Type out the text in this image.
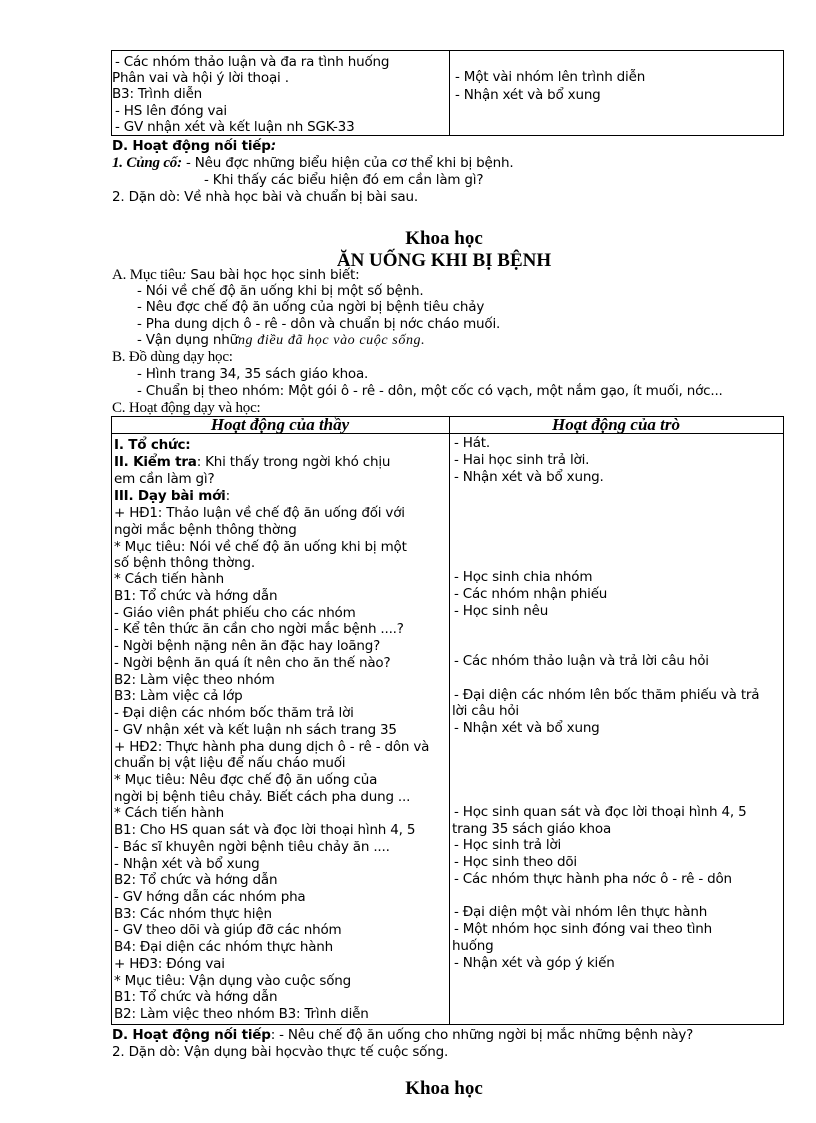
- Các nhóm thảo luận và đa ra tình huống
Phân vai và hội ý lời thoại .
B3: Trình diễn
- HS lên đóng vai
- GV nhận xét và kết luận nh SGK-33
- Một vài nhóm lên trình diễn
- Nhận xét và bổ xung
D. Hoạt động nối tiếp:
1. Củng cố: - Nêu đợc những biểu hiện của cơ thể khi bị bệnh.
- Khi thấy các biểu hiện đó em cần làm gì?
2. Dặn dò: Về nhà học bài và chuẩn bị bài sau.
Khoa học
ĂN UỐNG KHI BỊ BỆNH
A. Mục tiêu: Sau bài học học sinh biết:
- Nói về chế độ ăn uống khi bị một số bệnh.
- Nêu đợc chế độ ăn uống của ngời bị bệnh tiêu chảy
- Pha dung dịch ô - rê - dôn và chuẩn bị nớc cháo muối.
- Vận dụng những điều đã học vào cuộc sống.
B. Đồ dùng dạy học:
- Hình trang 34, 35 sách giáo khoa.
- Chuẩn bị theo nhóm: Một gói ô - rê - dôn, một cốc có vạch, một nắm gạo, ít muối, nớc...
C. Hoạt động dạy và học:
Hoạt động của thầy	Hoạt động của trò
I. Tổ chức:
II. Kiểm tra: Khi thấy trong ngời khó chịu
em cần làm gì?
III. Dạy bài mới:
+ HĐ1: Thảo luận về chế độ ăn uống đối với
ngời mắc bệnh thông thờng
* Mục tiêu: Nói về chế độ ăn uống khi bị một
số bệnh thông thờng.
* Cách tiến hành
B1: Tổ chức và hớng dẫn
- Giáo viên phát phiếu cho các nhóm
- Kể tên thức ăn cần cho ngời mắc bệnh ....?
- Ngời bệnh nặng nên ăn đặc hay loãng?
- Ngời bệnh ăn quá ít nên cho ăn thế nào?
B2: Làm việc theo nhóm
B3: Làm việc cả lớp
- Đại diện các nhóm bốc thăm trả lời
- GV nhận xét và kết luận nh sách trang 35
+ HĐ2: Thực hành pha dung dịch ô - rê - dôn và
chuẩn bị vật liệu để nấu cháo muối
* Mục tiêu: Nêu đợc chế độ ăn uống của
ngời bị bệnh tiêu chảy. Biết cách pha dung ...
* Cách tiến hành
B1: Cho HS quan sát và đọc lời thoại hình 4, 5
- Bác sĩ khuyên ngời bệnh tiêu chảy ăn ....
- Nhận xét và bổ xung
B2: Tổ chức và hớng dẫn
- GV hớng dẫn các nhóm pha
B3: Các nhóm thực hiện
- GV theo dõi và giúp đỡ các nhóm
B4: Đại diện các nhóm thực hành
+ HĐ3: Đóng vai
* Mục tiêu: Vận dụng vào cuộc sống
B1: Tổ chức và hớng dẫn
B2: Làm việc theo nhóm B3: Trình diễn
- Hát.
- Hai học sinh trả lời.
- Nhận xét và bổ xung.
- Học sinh chia nhóm
- Các nhóm nhận phiếu
- Học sinh nêu
- Các nhóm thảo luận và trả lời câu hỏi
- Đại diện các nhóm lên bốc thăm phiếu và trả
lời câu hỏi
- Nhận xét và bổ xung
- Học sinh quan sát và đọc lời thoại hình 4, 5
trang 35 sách giáo khoa
- Học sinh trả lời
- Học sinh theo dõi
- Các nhóm thực hành pha nớc ô - rê - dôn
- Đại diện một vài nhóm lên thực hành
- Một nhóm học sinh đóng vai theo tình
huống
- Nhận xét và góp ý kiến
D. Hoạt động nối tiếp: - Nêu chế độ ăn uống cho những ngời bị mắc những bệnh này?
2. Dặn dò: Vận dụng bài họcvào thực tế cuộc sống.
Khoa học
